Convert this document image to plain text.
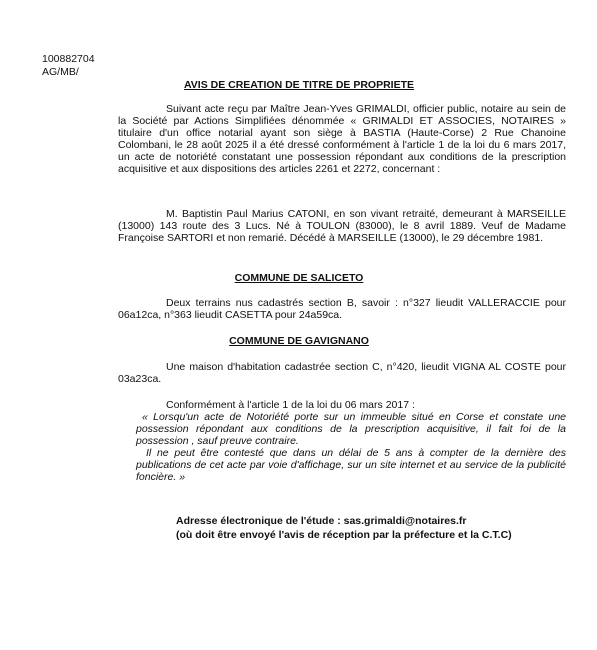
100882704
AG/MB/
AVIS DE CREATION DE TITRE DE PROPRIETE

Suivant acte reçu par Maître Jean-Yves GRIMALDI, officier public, notaire au sein de la Société par Actions Simplifiées dénommée « GRIMALDI ET ASSOCIES, NOTAIRES » titulaire d'un office notarial ayant son siège à BASTIA (Haute-Corse) 2 Rue Chanoine Colombani, le 28 août 2025 il a été dressé conformément à l'article 1 de la loi du 6 mars 2017, un acte de notoriété constatant une possession répondant aux conditions de la prescription acquisitive et aux dispositions des articles 2261 et 2272, concernant :

M. Baptistin Paul Marius CATONI, en son vivant retraité, demeurant à MARSEILLE (13000) 143 route des 3 Lucs. Né à TOULON (83000), le 8 avril 1889. Veuf de Madame Françoise SARTORI et non remarié. Décédé à MARSEILLE (13000), le 29 décembre 1981.

COMMUNE DE SALICETO

Deux terrains nus cadastrés section B, savoir : n°327 lieudit VALLERACCIE pour 06a12ca, n°363 lieudit CASETTA pour 24a59ca.

COMMUNE DE GAVIGNANO

Une maison d'habitation cadastrée section C, n°420, lieudit VIGNA AL COSTE pour 03a23ca.

Conformément à l'article 1 de la loi du 06 mars 2017 :

« Lorsqu'un acte de Notoriété porte sur un immeuble situé en Corse et constate une possession répondant aux conditions de la prescription acquisitive, il fait foi de la possession , sauf preuve contraire.

Il ne peut être contesté que dans un délai de 5 ans à compter de la dernière des publications de cet acte par voie d'affichage, sur un site internet et au service de la publicité foncière. »

Adresse électronique de l'étude : sas.grimaldi@notaires.fr
(où doit être envoyé l'avis de réception par la préfecture et la C.T.C)
